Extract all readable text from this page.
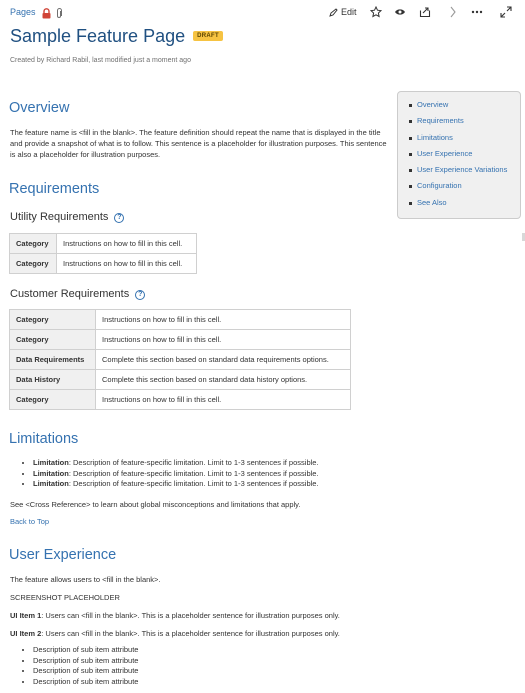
Pages	Edit
Sample Feature Page	DRAFT
Created by Richard Rabil, last modified just a moment ago
Overview
Requirements
Limitations
User Experience
User Experience Variations
Configuration
See Also
Overview

The feature name is <fill in the blank>. The feature definition should repeat the name that is displayed in the title and provide a snapshot of what is to follow. This sentence is a placeholder for illustration purposes. This sentence is also a placeholder for illustration purposes.

Requirements
Utility Requirements	?
Category	Instructions on how to fill in this cell.
Category	Instructions on how to fill in this cell.
Customer Requirements	?
Category	Instructions on how to fill in this cell.
Category	Instructions on how to fill in this cell.
Data Requirements	Complete this section based on standard data requirements options.
Data History	Complete this section based on standard data history options.
Category	Instructions on how to fill in this cell.
Limitations
• Limitation: Description of feature-specific limitation. Limit to 1-3 sentences if possible.
• Limitation: Description of feature-specific limitation. Limit to 1-3 sentences if possible.
• Limitation: Description of feature-specific limitation. Limit to 1-3 sentences if possible.

See <Cross Reference> to learn about global misconceptions and limitations that apply.

Back to Top

User Experience

The feature allows users to <fill in the blank>.

SCREENSHOT PLACEHOLDER

UI Item 1: Users can <fill in the blank>. This is a placeholder sentence for illustration purposes only.

UI Item 2: Users can <fill in the blank>. This is a placeholder sentence for illustration purposes only.

• Description of sub item attribute
• Description of sub item attribute
• Description of sub item attribute
• Description of sub item attribute
